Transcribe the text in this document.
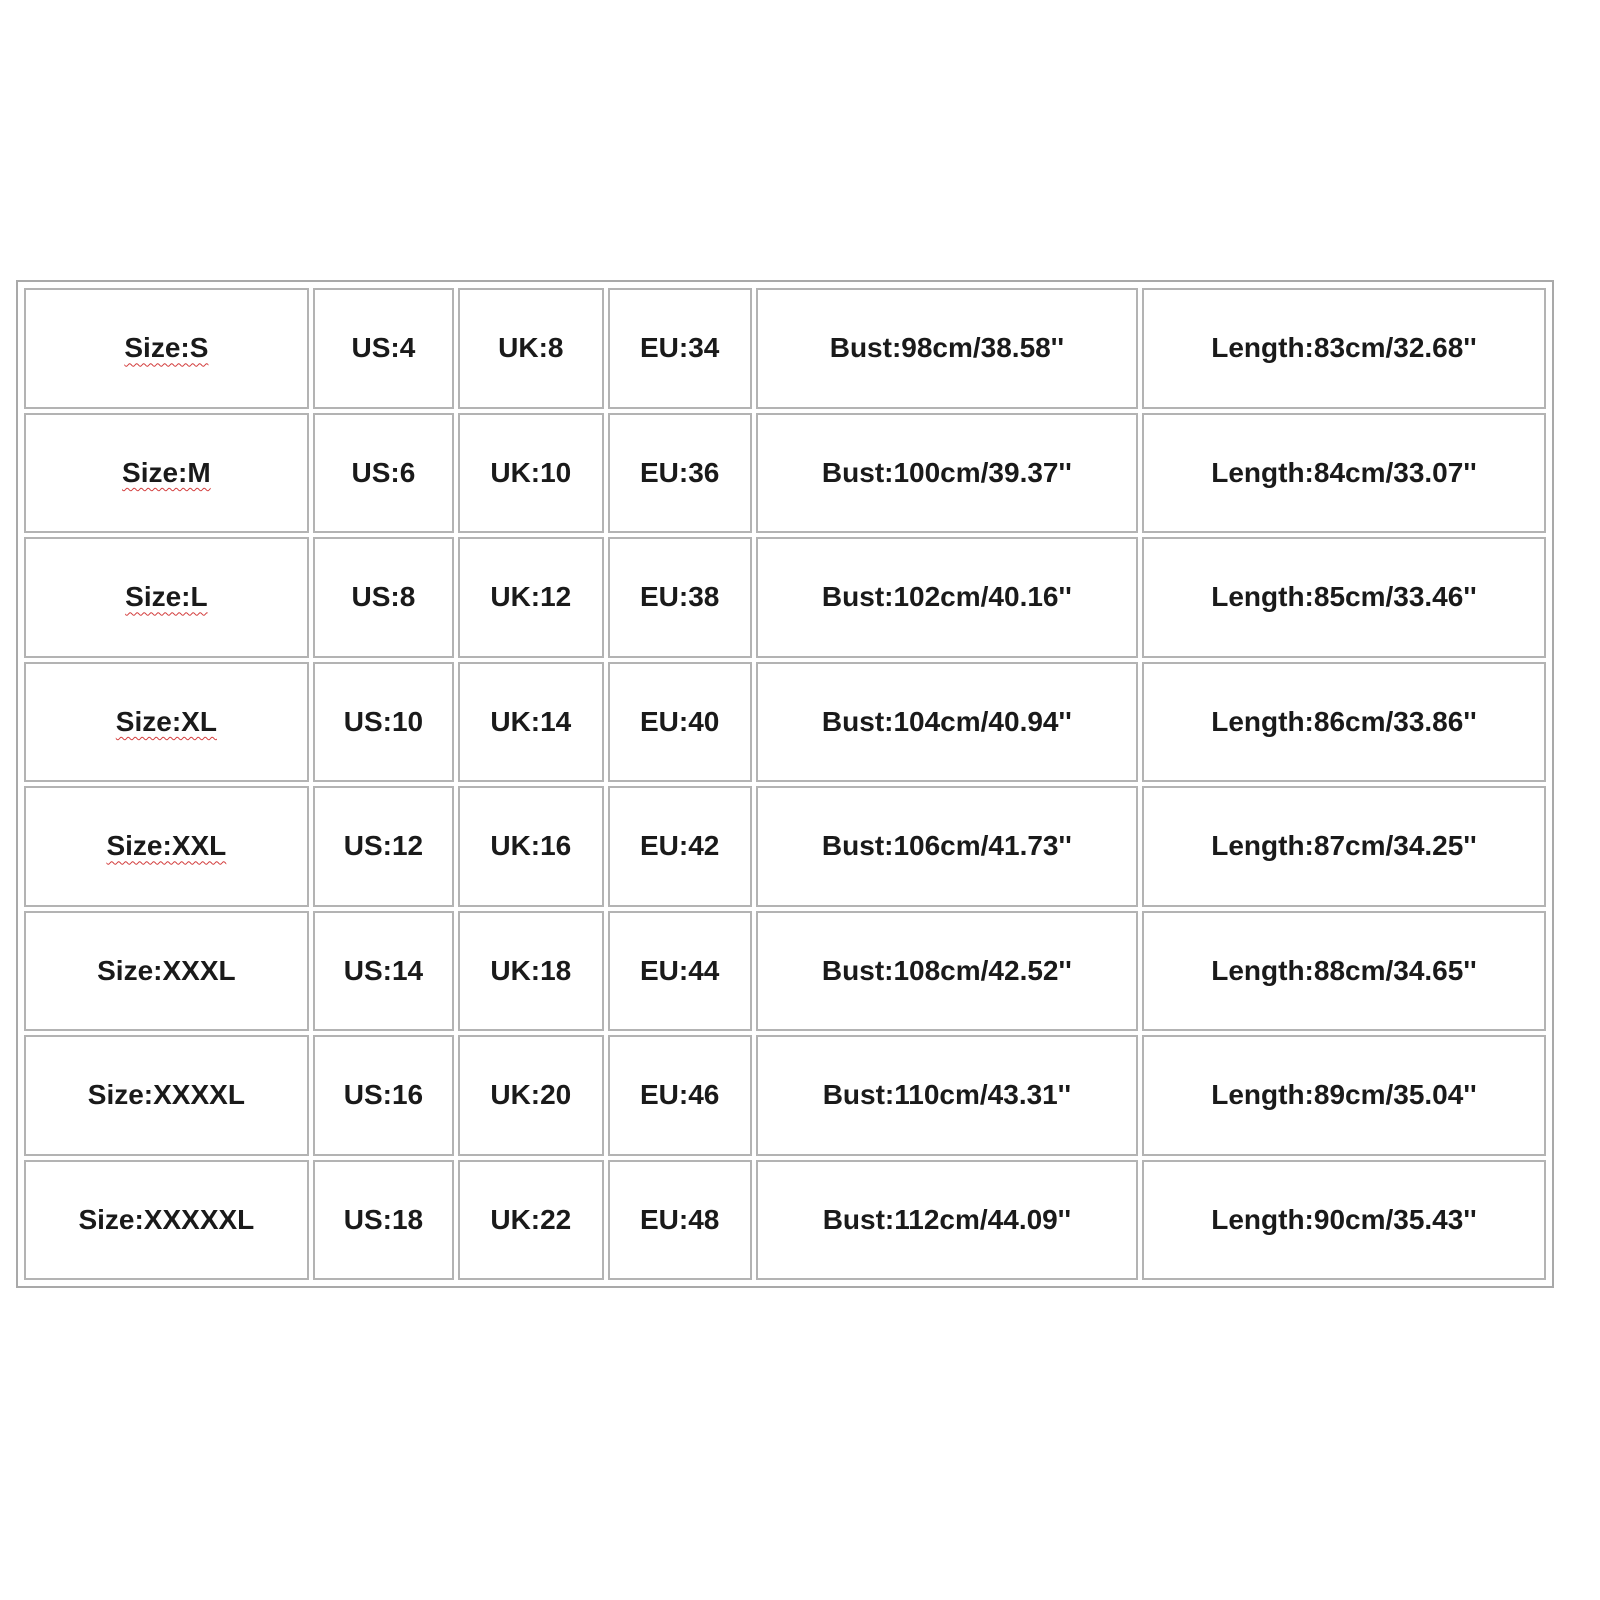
Size:S	US:4	UK:8	EU:34	Bust:98cm/38.58''	Length:83cm/32.68''
Size:M	US:6	UK:10	EU:36	Bust:100cm/39.37''	Length:84cm/33.07''
Size:L	US:8	UK:12	EU:38	Bust:102cm/40.16''	Length:85cm/33.46''
Size:XL	US:10	UK:14	EU:40	Bust:104cm/40.94''	Length:86cm/33.86''
Size:XXL	US:12	UK:16	EU:42	Bust:106cm/41.73''	Length:87cm/34.25''
Size:XXXL	US:14	UK:18	EU:44	Bust:108cm/42.52''	Length:88cm/34.65''
Size:XXXXL	US:16	UK:20	EU:46	Bust:110cm/43.31''	Length:89cm/35.04''
Size:XXXXXL	US:18	UK:22	EU:48	Bust:112cm/44.09''	Length:90cm/35.43''
